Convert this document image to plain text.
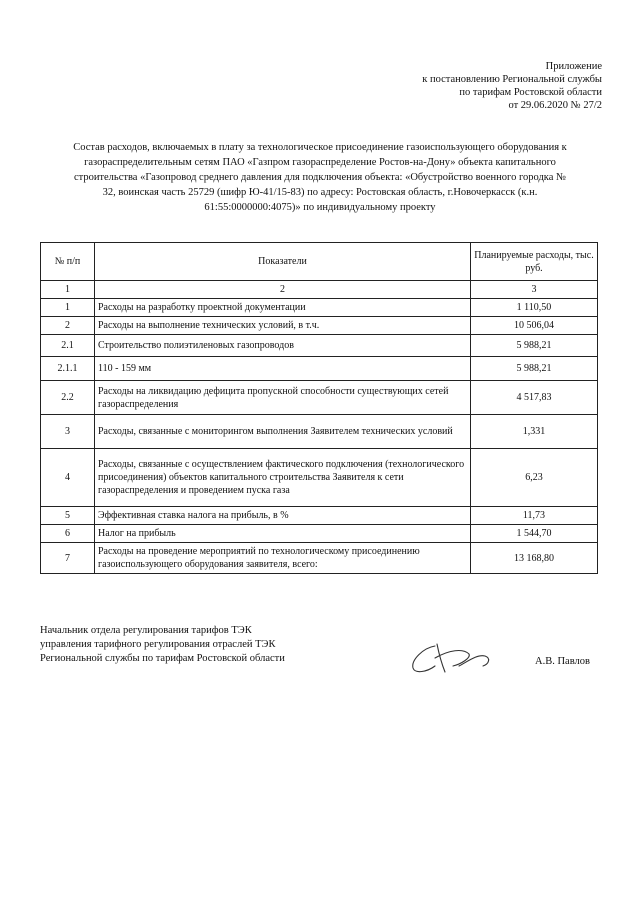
Приложение
к постановлению Региональной службы
по тарифам Ростовской области
от 29.06.2020 № 27/2
Состав расходов, включаемых в плату за технологическое присоединение газоиспользующего оборудования к
газораспределительным сетям ПАО «Газпром газораспределение Ростов-на-Дону» объекта капитального
строительства «Газопровод среднего давления для подключения объекта: «Обустройство военного городка №
32, воинская часть 25729 (шифр Ю-41/15-83) по адресу: Ростовская область, г.Новочеркасск (к.н.
61:55:0000000:4075)» по индивидуальному проекту
№ п/п	Показатели	Планируемые расходы, тыс. руб.
1	2	3
1	Расходы на разработку проектной документации	1 110,50
2	Расходы на выполнение технических условий, в т.ч.	10 506,04
2.1	Строительство полиэтиленовых газопроводов	5 988,21
2.1.1	110 - 159 мм	5 988,21
2.2	Расходы на ликвидацию дефицита пропускной способности существующих сетей газораспределения	4 517,83
3	Расходы, связанные с мониторингом выполнения Заявителем технических условий	1,331
4	Расходы, связанные с осуществлением фактического подключения (технологического присоединения) объектов капитального строительства Заявителя к сети газораспределения и проведением пуска газа	6,23
5	Эффективная ставка налога на прибыль, в %	11,73
6	Налог на прибыль	1 544,70
7	Расходы на проведение мероприятий по технологическому присоединению газоиспользующего оборудования заявителя, всего:	13 168,80
Начальник отдела регулирования тарифов ТЭК
управления тарифного регулирования отраслей ТЭК
Региональной службы по тарифам Ростовской области	А.В. Павлов
